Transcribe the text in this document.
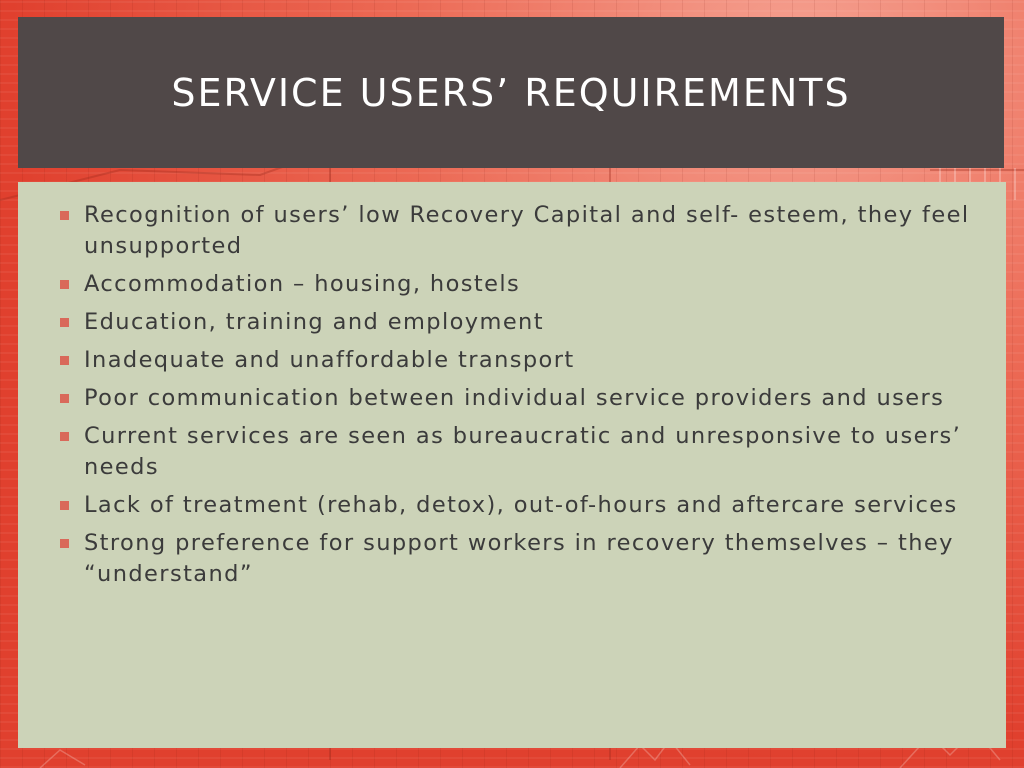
SERVICE USERS’ REQUIREMENTS
Recognition of users’ low Recovery Capital and self- esteem, they feel unsupported
Accommodation – housing, hostels
Education, training and employment
Inadequate and unaffordable transport
Poor communication between individual service providers and users
Current services are seen as bureaucratic and unresponsive to users’ needs
Lack of treatment (rehab, detox), out-of-hours and aftercare services
Strong preference for support workers in recovery themselves – they “understand”
